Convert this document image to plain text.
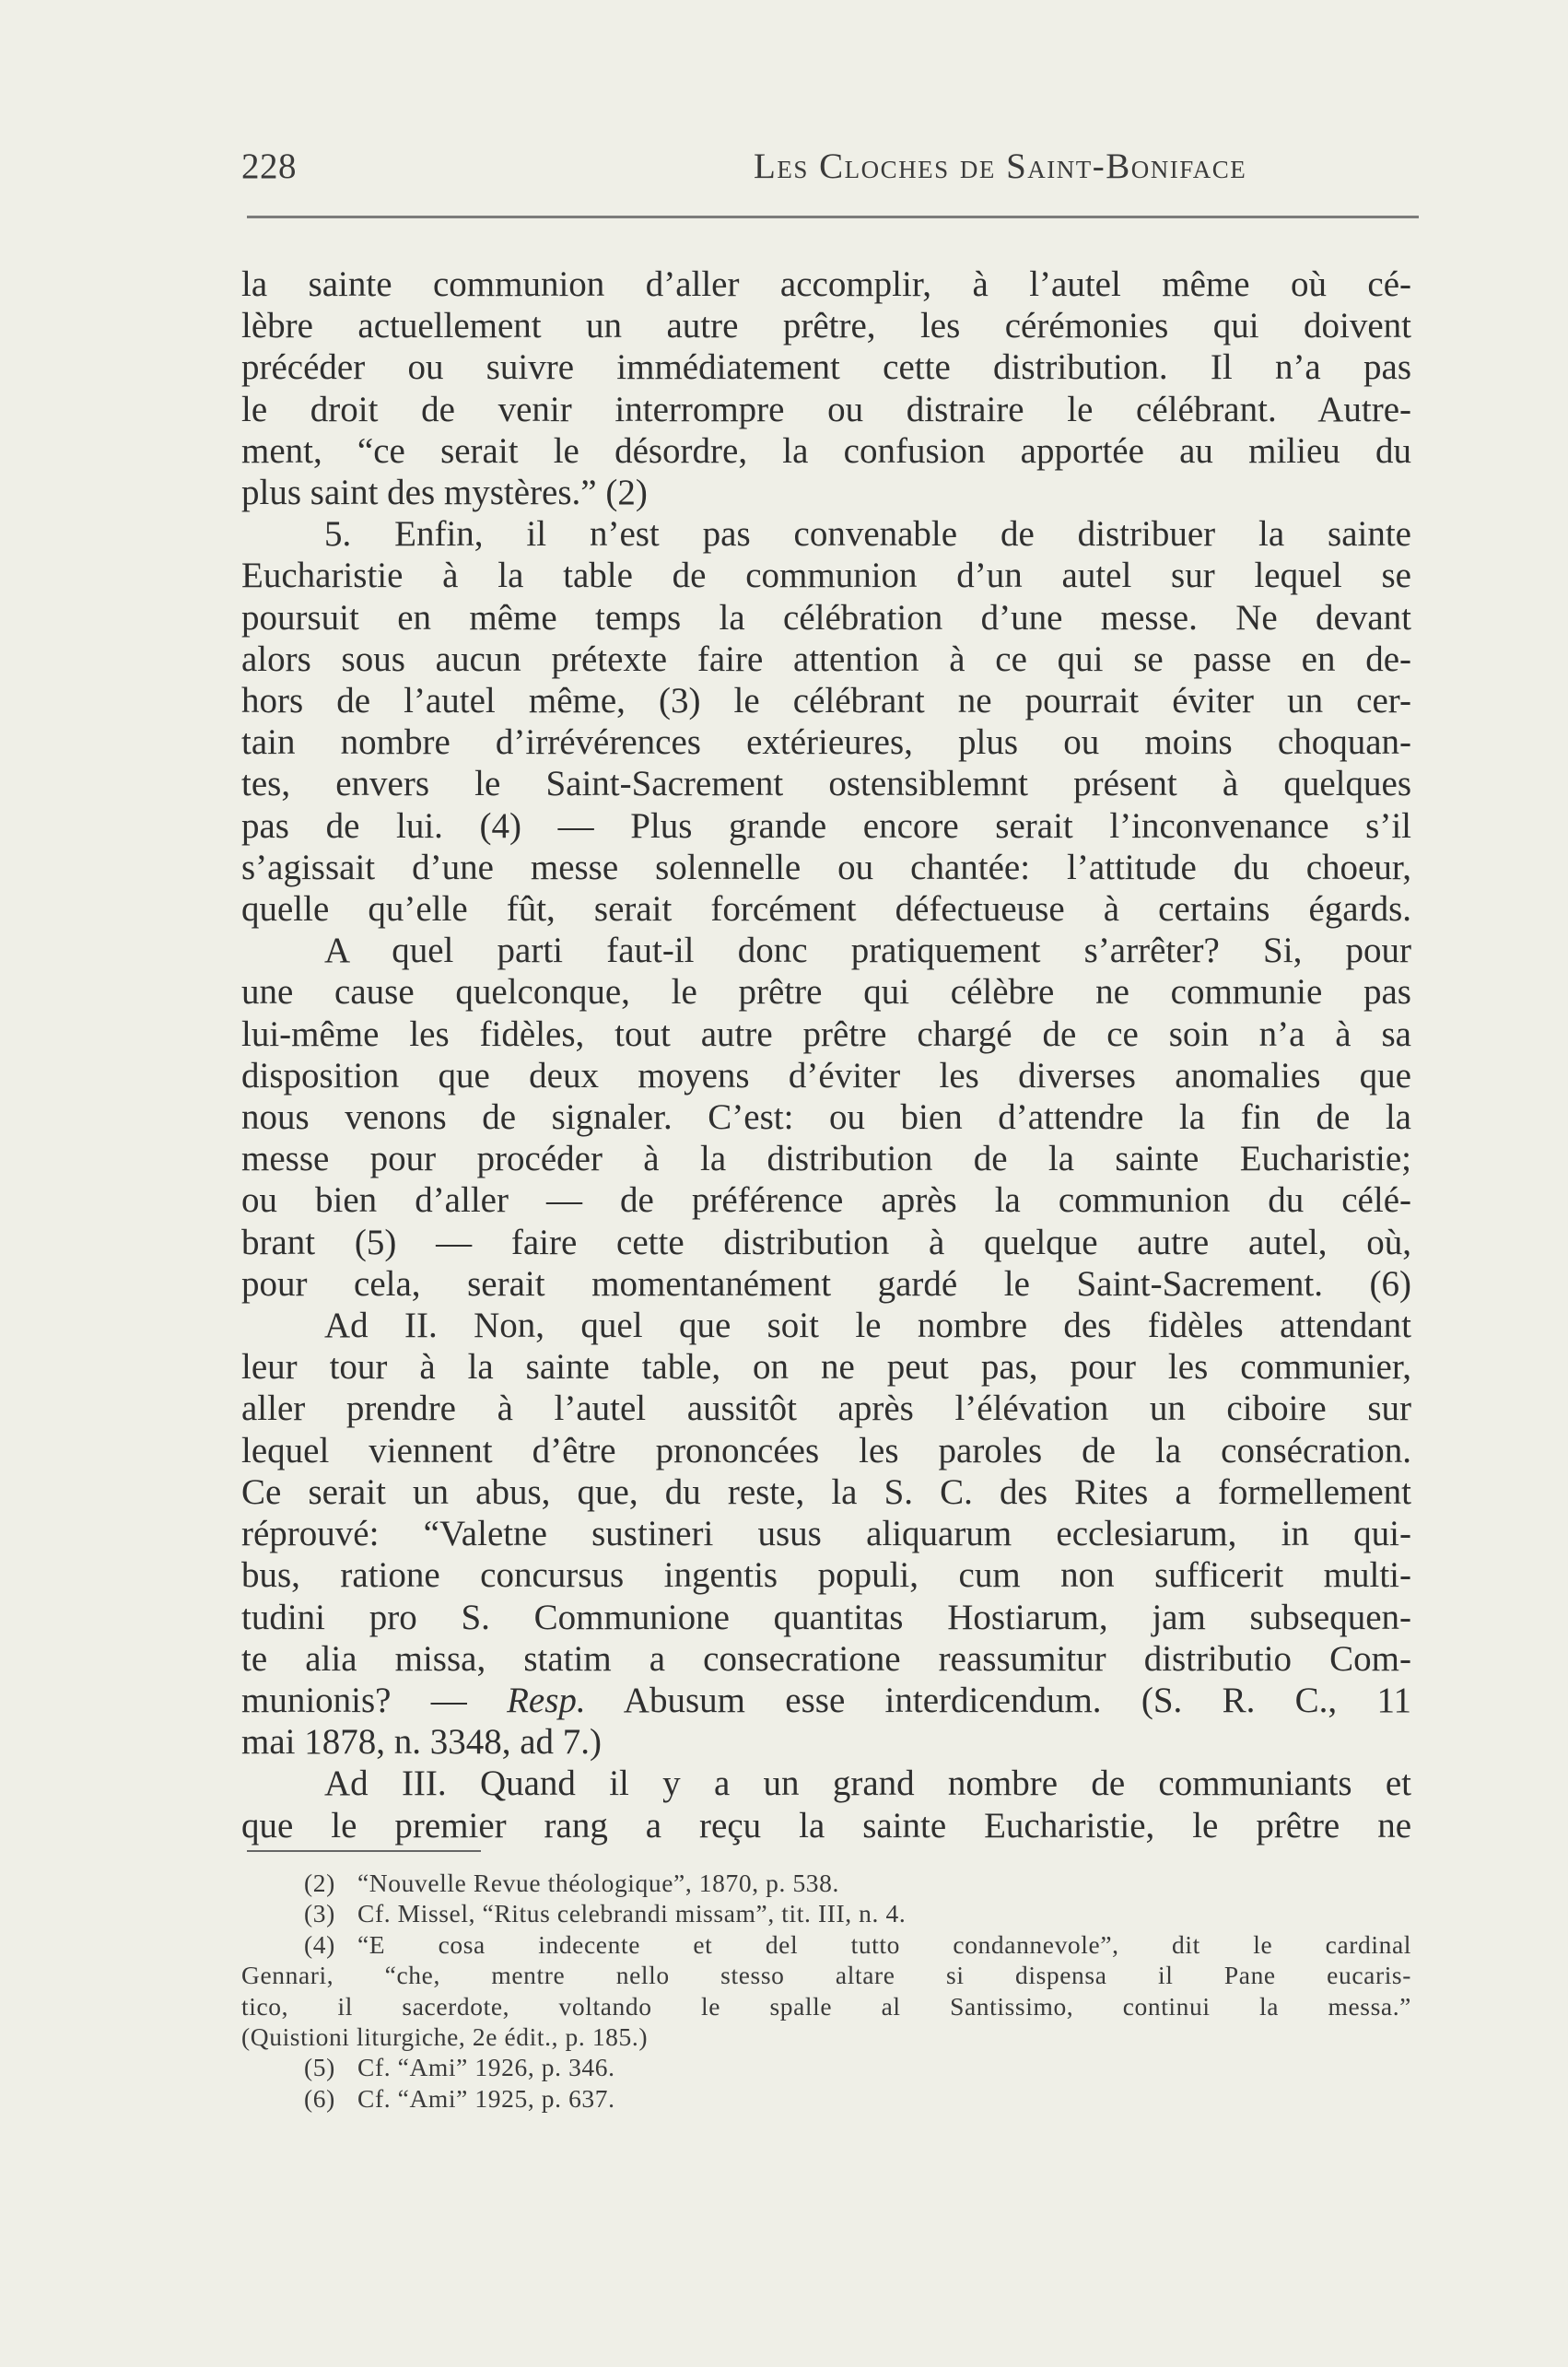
228	Les Cloches de Saint-Boniface
la sainte communion d’aller accomplir, à l’autel même où cé-
lèbre actuellement un autre prêtre, les cérémonies qui doivent
précéder ou suivre immédiatement cette distribution. Il n’a pas
le droit de venir interrompre ou distraire le célébrant. Autre-
ment, “ce serait le désordre, la confusion apportée au milieu du
plus saint des mystères.” (2)
5. Enfin, il n’est pas convenable de distribuer la sainte
Eucharistie à la table de communion d’un autel sur lequel se
poursuit en même temps la célébration d’une messe. Ne devant
alors sous aucun prétexte faire attention à ce qui se passe en de-
hors de l’autel même, (3) le célébrant ne pourrait éviter un cer-
tain nombre d’irrévérences extérieures, plus ou moins choquan-
tes, envers le Saint-Sacrement ostensiblemnt présent à quelques
pas de lui. (4) — Plus grande encore serait l’inconvenance s’il
s’agissait d’une messe solennelle ou chantée: l’attitude du choeur,
quelle qu’elle fût, serait forcément défectueuse à certains égards.
A quel parti faut-il donc pratiquement s’arrêter? Si, pour
une cause quelconque, le prêtre qui célèbre ne communie pas
lui-même les fidèles, tout autre prêtre chargé de ce soin n’a à sa
disposition que deux moyens d’éviter les diverses anomalies que
nous venons de signaler. C’est: ou bien d’attendre la fin de la
messe pour procéder à la distribution de la sainte Eucharistie;
ou bien d’aller — de préférence après la communion du célé-
brant (5) — faire cette distribution à quelque autre autel, où,
pour cela, serait momentanément gardé le Saint-Sacrement. (6)
Ad II. Non, quel que soit le nombre des fidèles attendant
leur tour à la sainte table, on ne peut pas, pour les communier,
aller prendre à l’autel aussitôt après l’élévation un ciboire sur
lequel viennent d’être prononcées les paroles de la consécration.
Ce serait un abus, que, du reste, la S. C. des Rites a formellement
réprouvé: “Valetne sustineri usus aliquarum ecclesiarum, in qui-
bus, ratione concursus ingentis populi, cum non sufficerit multi-
tudini pro S. Communione quantitas Hostiarum, jam subsequen-
te alia missa, statim a consecratione reassumitur distributio Com-
munionis? — Resp. Abusum esse interdicendum. (S. R. C., 11
mai 1878, n. 3348, ad 7.)
Ad III. Quand il y a un grand nombre de communiants et
que le premier rang a reçu la sainte Eucharistie, le prêtre ne
(2) “Nouvelle Revue théologique”, 1870, p. 538.
(3) Cf. Missel, “Ritus celebrandi missam”, tit. III, n. 4.
(4) “E cosa indecente et del tutto condannevole”, dit le cardinal
Gennari, “che, mentre nello stesso altare si dispensa il Pane eucaris-
tico, il sacerdote, voltando le spalle al Santissimo, continui la messa.”
(Quistioni liturgiche, 2e édit., p. 185.)
(5) Cf. “Ami” 1926, p. 346.
(6) Cf. “Ami” 1925, p. 637.
